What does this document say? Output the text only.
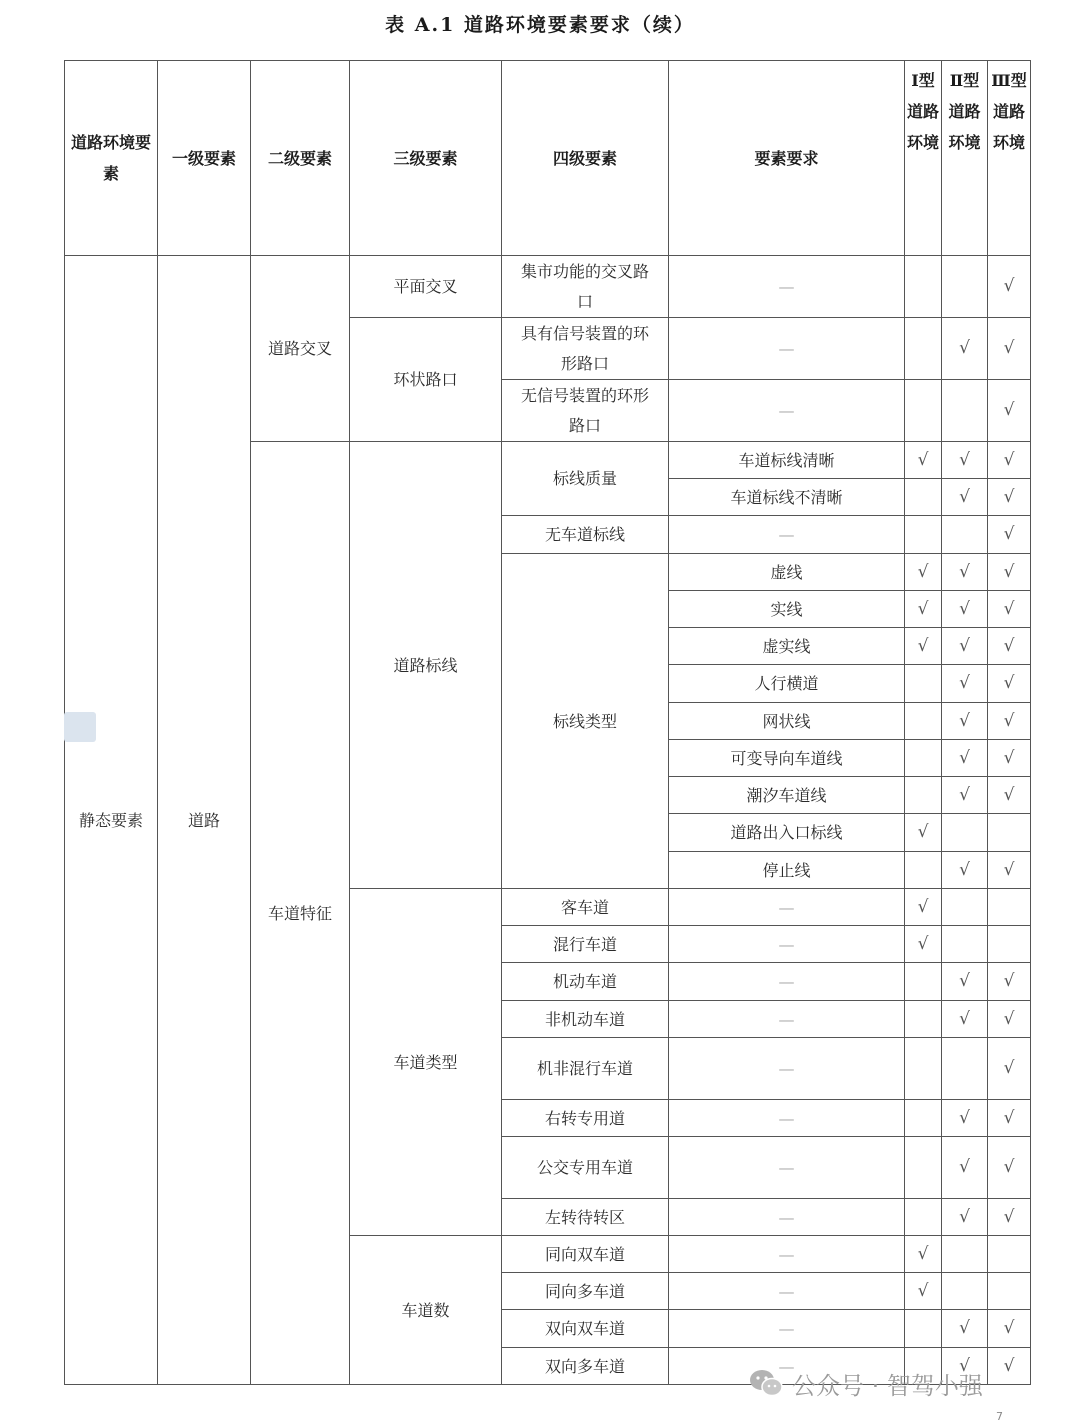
表 A.1 道路环境要素要求（续）
道路环境要素	一级要素	二级要素	三级要素	四级要素	要素要求	Ⅰ型道路环境	Ⅱ型道路环境	Ⅲ型道路环境
静态要素	道路	道路交叉	平面交叉	集市功能的交叉路口	—			√
			环状路口	具有信号装置的环形路口	—		√	√
				无信号装置的环形路口	—			√
		车道特征	道路标线	标线质量	车道标线清晰	√	√	√
					车道标线不清晰		√	√
				无车道标线	—			√
				标线类型	虚线	√	√	√
					实线	√	√	√
					虚实线	√	√	√
					人行横道		√	√
					网状线		√	√
					可变导向车道线		√	√
					潮汐车道线		√	√
					道路出入口标线	√		
					停止线		√	√
			车道类型	客车道	—	√		
				混行车道	—	√		
				机动车道	—		√	√
				非机动车道	—		√	√
				机非混行车道	—			√
				右转专用道	—		√	√
				公交专用车道	—		√	√
				左转待转区	—		√	√
			车道数	同向双车道	—	√		
				同向多车道	—	√		
				双向双车道	—		√	√
				双向多车道	—		√	√
公众号 · 智驾小强
7
